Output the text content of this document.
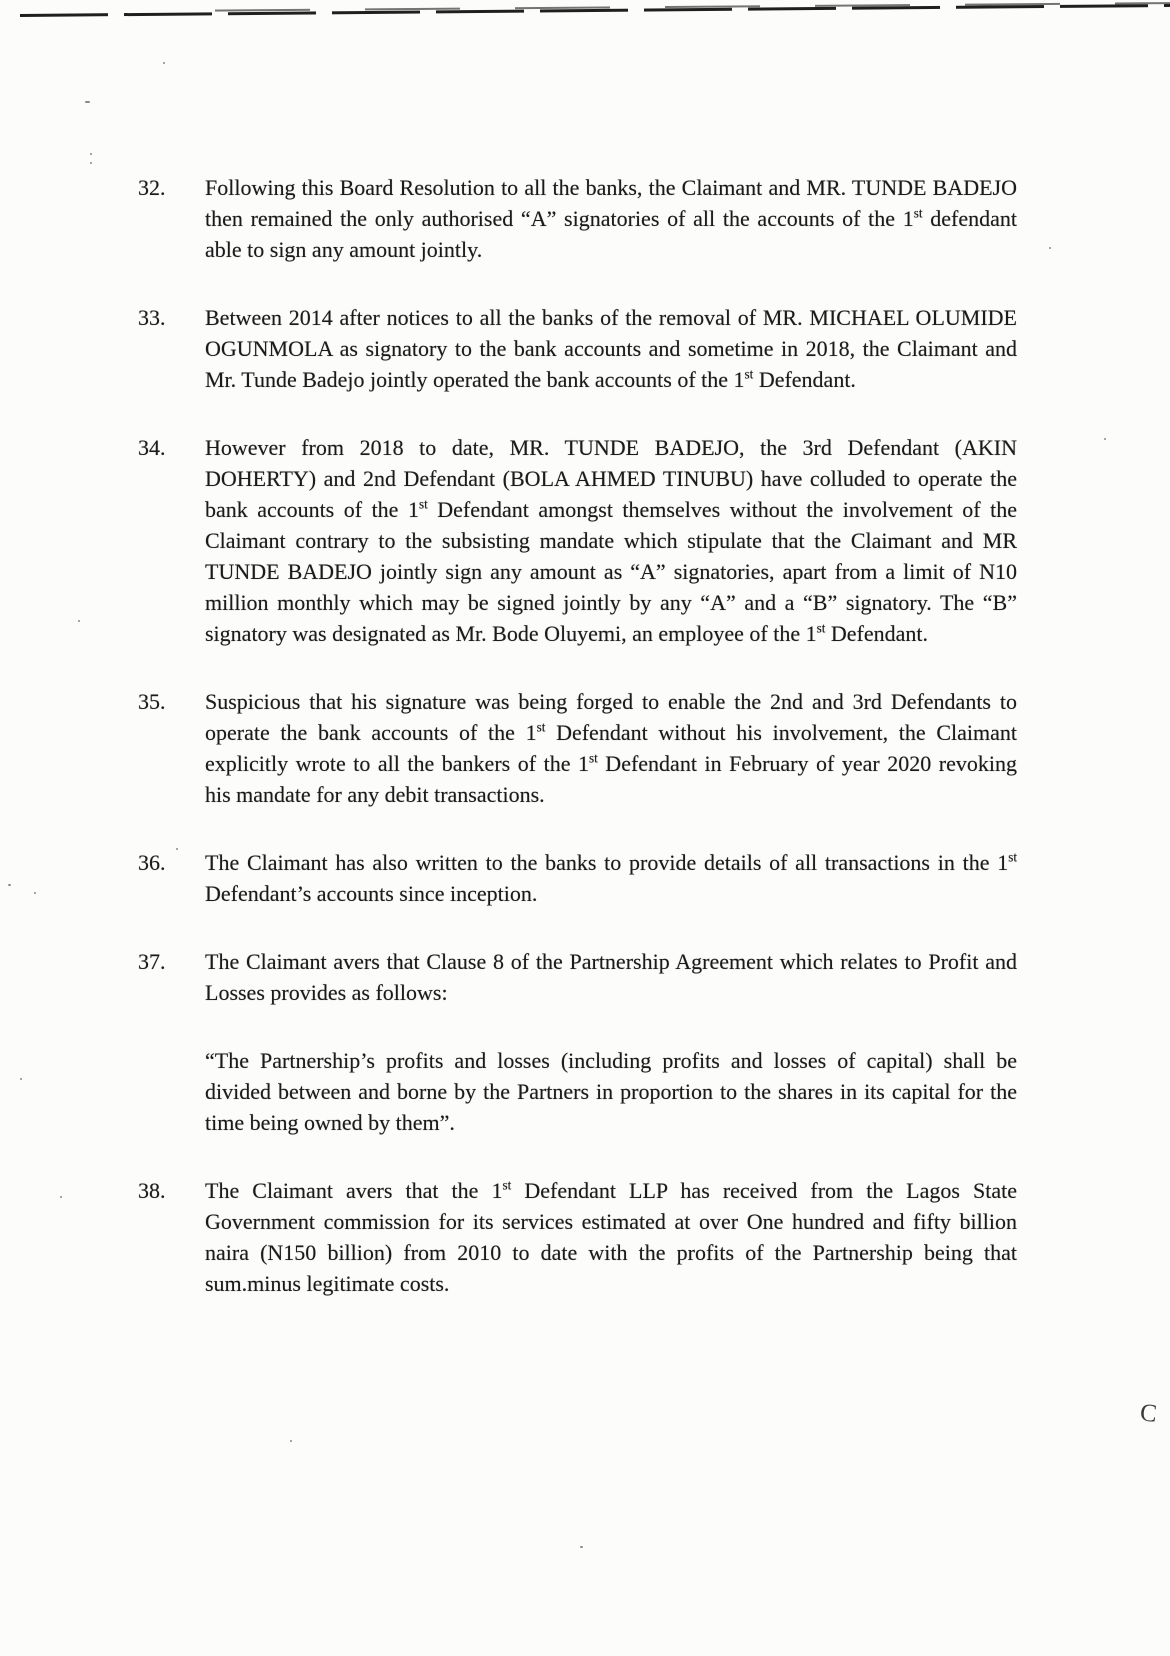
32.	Following this Board Resolution to all the banks, the Claimant and MR. TUNDE BADEJO then remained the only authorised “A” signatories of all the accounts of the 1st defendant able to sign any amount jointly.
33.	Between 2014 after notices to all the banks of the removal of MR. MICHAEL OLUMIDE OGUNMOLA as signatory to the bank accounts and sometime in 2018, the Claimant and Mr. Tunde Badejo jointly operated the bank accounts of the 1st Defendant.
34.	However from 2018 to date, MR. TUNDE BADEJO, the 3rd Defendant (AKIN DOHERTY) and 2nd Defendant (BOLA AHMED TINUBU) have colluded to operate the bank accounts of the 1st Defendant amongst themselves without the involvement of the Claimant contrary to the subsisting mandate which stipulate that the Claimant and MR TUNDE BADEJO jointly sign any amount as “A” signatories, apart from a limit of N10 million monthly which may be signed jointly by any “A” and a “B” signatory. The “B” signatory was designated as Mr. Bode Oluyemi, an employee of the 1st Defendant.
35.	Suspicious that his signature was being forged to enable the 2nd and 3rd Defendants to operate the bank accounts of the 1st Defendant without his involvement, the Claimant explicitly wrote to all the bankers of the 1st Defendant in February of year 2020 revoking his mandate for any debit transactions.
36.	The Claimant has also written to the banks to provide details of all transactions in the 1st Defendant’s accounts since inception.
37.	The Claimant avers that Clause 8 of the Partnership Agreement which relates to Profit and Losses provides as follows:
“The Partnership’s profits and losses (including profits and losses of capital) shall be divided between and borne by the Partners in proportion to the shares in its capital for the time being owned by them”.
38.	The Claimant avers that the 1st Defendant LLP has received from the Lagos State Government commission for its services estimated at over One hundred and fifty billion naira (N150 billion) from 2010 to date with the profits of the Partnership being that sum.minus legitimate costs.
C
